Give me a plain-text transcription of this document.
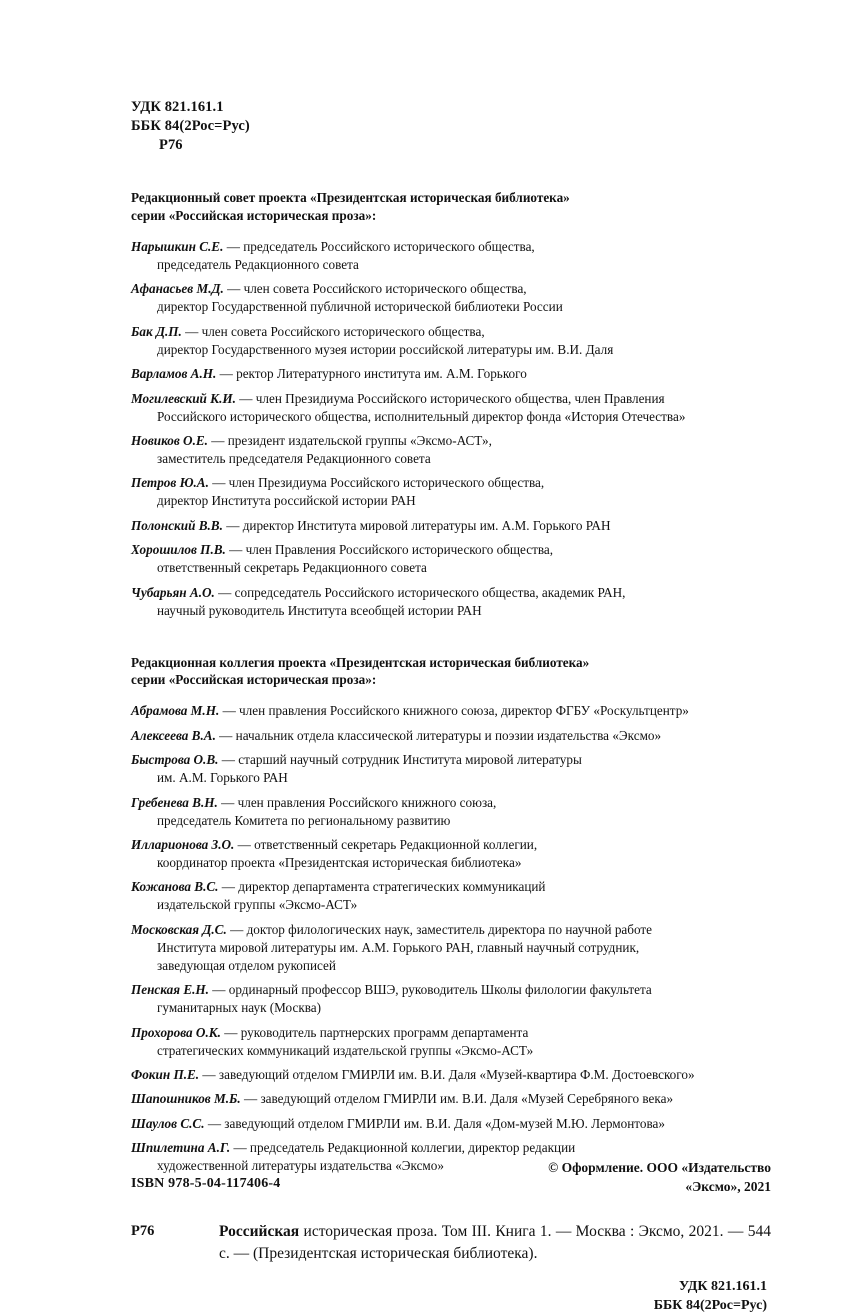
УДК 821.161.1
ББК 84(2Рос=Рус)
Р76
Редакционный совет проекта «Президентская историческая библиотека»
серии «Российская историческая проза»:
Нарышкин С.Е. — председатель Российского исторического общества,
председатель Редакционного совета
Афанасьев М.Д. — член совета Российского исторического общества,
директор Государственной публичной исторической библиотеки России
Бак Д.П. — член совета Российского исторического общества,
директор Государственного музея истории российской литературы им. В.И. Даля
Варламов А.Н. — ректор Литературного института им. А.М. Горького
Могилевский К.И. — член Президиума Российского исторического общества, член Правления
Российского исторического общества, исполнительный директор фонда «История Отечества»
Новиков О.Е. — президент издательской группы «Эксмо-АСТ»,
заместитель председателя Редакционного совета
Петров Ю.А. — член Президиума Российского исторического общества,
директор Института российской истории РАН
Полонский В.В. — директор Института мировой литературы им. А.М. Горького РАН
Хорошилов П.В. — член Правления Российского исторического общества,
ответственный секретарь Редакционного совета
Чубарьян А.О. — сопредседатель Российского исторического общества, академик РАН,
научный руководитель Института всеобщей истории РАН
Редакционная коллегия проекта «Президентская историческая библиотека»
серии «Российская историческая проза»:
Абрамова М.Н. — член правления Российского книжного союза, директор ФГБУ «Роскультцентр»
Алексеева В.А. — начальник отдела классической литературы и поэзии издательства «Эксмо»
Быстрова О.В. — старший научный сотрудник Института мировой литературы
им. А.М. Горького РАН
Гребенева В.Н. — член правления Российского книжного союза,
председатель Комитета по региональному развитию
Илларионова З.О. — ответственный секретарь Редакционной коллегии,
координатор проекта «Президентская историческая библиотека»
Кожанова В.С. — директор департамента стратегических коммуникаций
издательской группы «Эксмо-АСТ»
Московская Д.С. — доктор филологических наук, заместитель директора по научной работе
Института мировой литературы им. А.М. Горького РАН, главный научный сотрудник,
заведующая отделом рукописей
Пенская Е.Н. — ординарный профессор ВШЭ, руководитель Школы филологии факультета
гуманитарных наук (Москва)
Прохорова О.К. — руководитель партнерских программ департамента
стратегических коммуникаций издательской группы «Эксмо-АСТ»
Фокин П.Е. — заведующий отделом ГМИРЛИ им. В.И. Даля «Музей-квартира Ф.М. Достоевского»
Шапошников М.Б. — заведующий отделом ГМИРЛИ им. В.И. Даля «Музей Серебряного века»
Шаулов С.С. — заведующий отделом ГМИРЛИ им. В.И. Даля «Дом-музей М.Ю. Лермонтова»
Шпилетина А.Г. — председатель Редакционной коллегии, директор редакции
художественной литературы издательства «Эксмо»
Р76	Российская историческая проза. Том III. Книга 1. — Москва : Эксмо, 2021. — 544 с. — (Президентская историческая библиотека).
УДК 821.161.1
ББК 84(2Рос=Рус)
ISBN 978-5-04-117406-4
© Оформление. ООО «Издательство
«Эксмо», 2021
